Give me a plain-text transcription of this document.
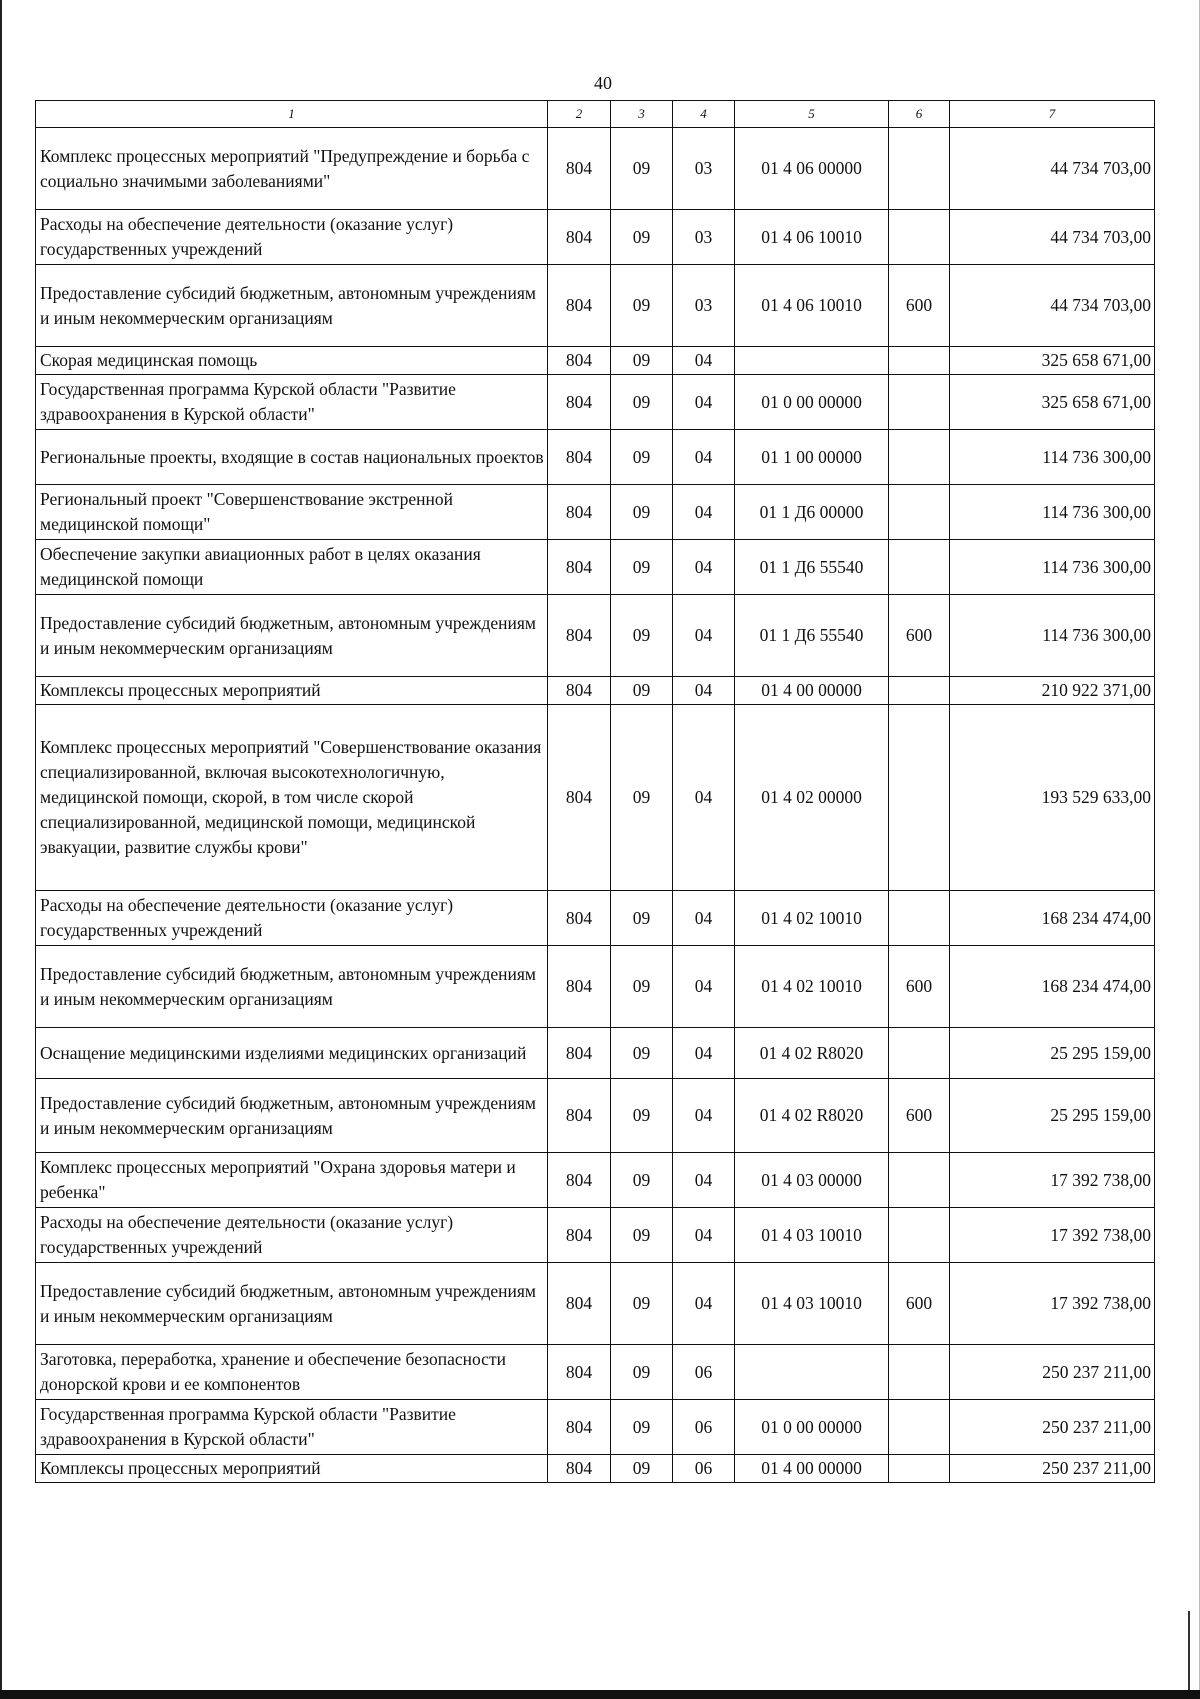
40
1	2	3	4	5	6	7
Комплекс процессных мероприятий "Предупреждение и борьба с социально значимыми заболеваниями"	804	09	03	01 4 06 00000		44 734 703,00
Расходы на обеспечение деятельности (оказание услуг) государственных учреждений	804	09	03	01 4 06 10010		44 734 703,00
Предоставление субсидий бюджетным, автономным учреждениям и иным некоммерческим организациям	804	09	03	01 4 06 10010	600	44 734 703,00
Скорая медицинская помощь	804	09	04			325 658 671,00
Государственная программа Курской области "Развитие здравоохранения в Курской области"	804	09	04	01 0 00 00000		325 658 671,00
Региональные проекты, входящие в состав национальных проектов	804	09	04	01 1 00 00000		114 736 300,00
Региональный проект "Совершенствование экстренной медицинской помощи"	804	09	04	01 1 Д6 00000		114 736 300,00
Обеспечение закупки авиационных работ в целях оказания медицинской помощи	804	09	04	01 1 Д6 55540		114 736 300,00
Предоставление субсидий бюджетным, автономным учреждениям и иным некоммерческим организациям	804	09	04	01 1 Д6 55540	600	114 736 300,00
Комплексы процессных мероприятий	804	09	04	01 4 00 00000		210 922 371,00
Комплекс процессных мероприятий "Совершенствование оказания специализированной, включая высокотехнологичную, медицинской помощи, скорой, в том числе скорой специализированной, медицинской помощи, медицинской эвакуации, развитие службы крови"	804	09	04	01 4 02 00000		193 529 633,00
Расходы на обеспечение деятельности (оказание услуг) государственных учреждений	804	09	04	01 4 02 10010		168 234 474,00
Предоставление субсидий бюджетным, автономным учреждениям и иным некоммерческим организациям	804	09	04	01 4 02 10010	600	168 234 474,00
Оснащение медицинскими изделиями медицинских организаций	804	09	04	01 4 02 R8020		25 295 159,00
Предоставление субсидий бюджетным, автономным учреждениям и иным некоммерческим организациям	804	09	04	01 4 02 R8020	600	25 295 159,00
Комплекс процессных мероприятий "Охрана здоровья матери и ребенка"	804	09	04	01 4 03 00000		17 392 738,00
Расходы на обеспечение деятельности (оказание услуг) государственных учреждений	804	09	04	01 4 03 10010		17 392 738,00
Предоставление субсидий бюджетным, автономным учреждениям и иным некоммерческим организациям	804	09	04	01 4 03 10010	600	17 392 738,00
Заготовка, переработка, хранение и обеспечение безопасности донорской крови и ее компонентов	804	09	06			250 237 211,00
Государственная программа Курской области "Развитие здравоохранения в Курской области"	804	09	06	01 0 00 00000		250 237 211,00
Комплексы процессных мероприятий	804	09	06	01 4 00 00000		250 237 211,00
